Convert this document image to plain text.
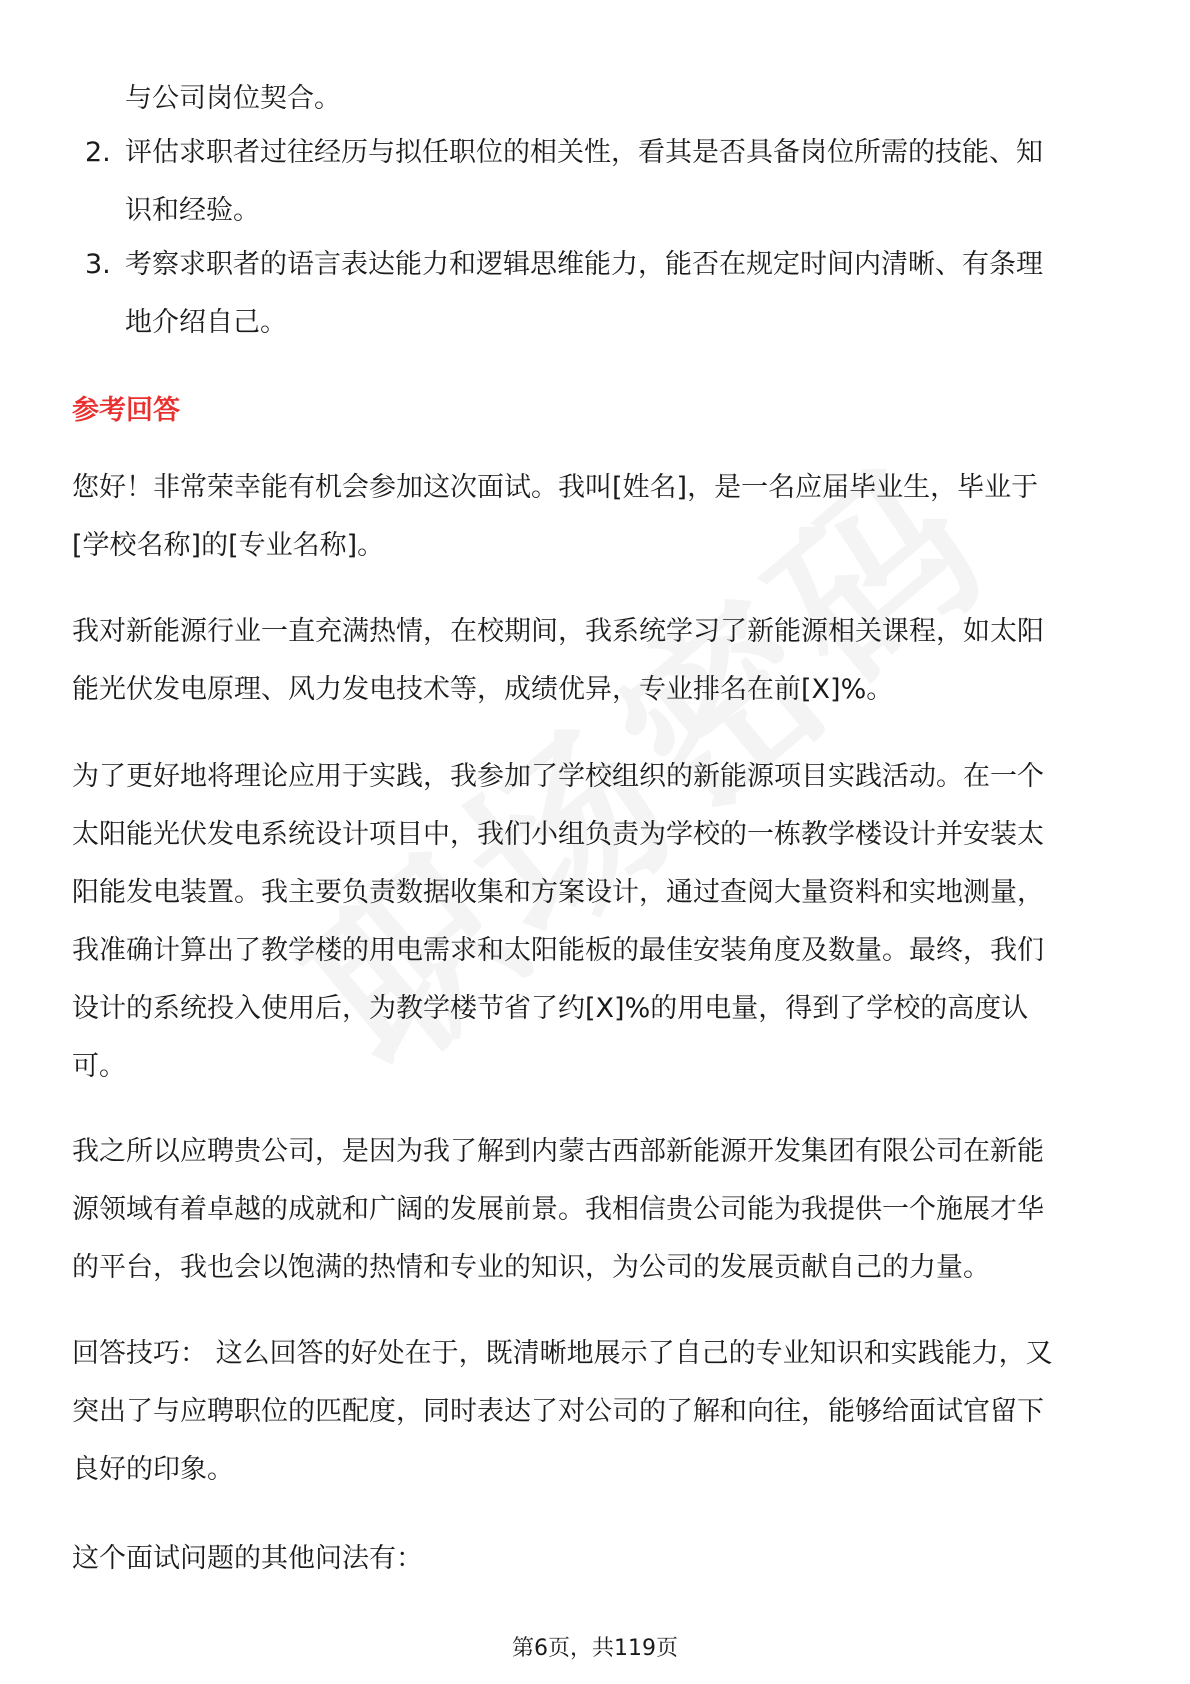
与公司岗位契合。
2. 评估求职者过往经历与拟任职位的相关性，看其是否具备岗位所需的技能、知
识和经验。
3. 考察求职者的语言表达能力和逻辑思维能力，能否在规定时间内清晰、有条理
地介绍自己。
参考回答
您好！非常荣幸能有机会参加这次面试。我叫[姓名]，是一名应届毕业生，毕业于
[学校名称]的[专业名称]。
我对新能源行业一直充满热情，在校期间，我系统学习了新能源相关课程，如太阳
能光伏发电原理、风力发电技术等，成绩优异，专业排名在前[X]%。
为了更好地将理论应用于实践，我参加了学校组织的新能源项目实践活动。在一个
太阳能光伏发电系统设计项目中，我们小组负责为学校的一栋教学楼设计并安装太
阳能发电装置。我主要负责数据收集和方案设计，通过查阅大量资料和实地测量，
我准确计算出了教学楼的用电需求和太阳能板的最佳安装角度及数量。最终，我们
设计的系统投入使用后，为教学楼节省了约[X]%的用电量，得到了学校的高度认
可。
我之所以应聘贵公司，是因为我了解到内蒙古西部新能源开发集团有限公司在新能
源领域有着卓越的成就和广阔的发展前景。我相信贵公司能为我提供一个施展才华
的平台，我也会以饱满的热情和专业的知识，为公司的发展贡献自己的力量。
回答技巧： 这么回答的好处在于，既清晰地展示了自己的专业知识和实践能力，又
突出了与应聘职位的匹配度，同时表达了对公司的了解和向往，能够给面试官留下
良好的印象。
这个面试问题的其他问法有：
第6页，共119页
